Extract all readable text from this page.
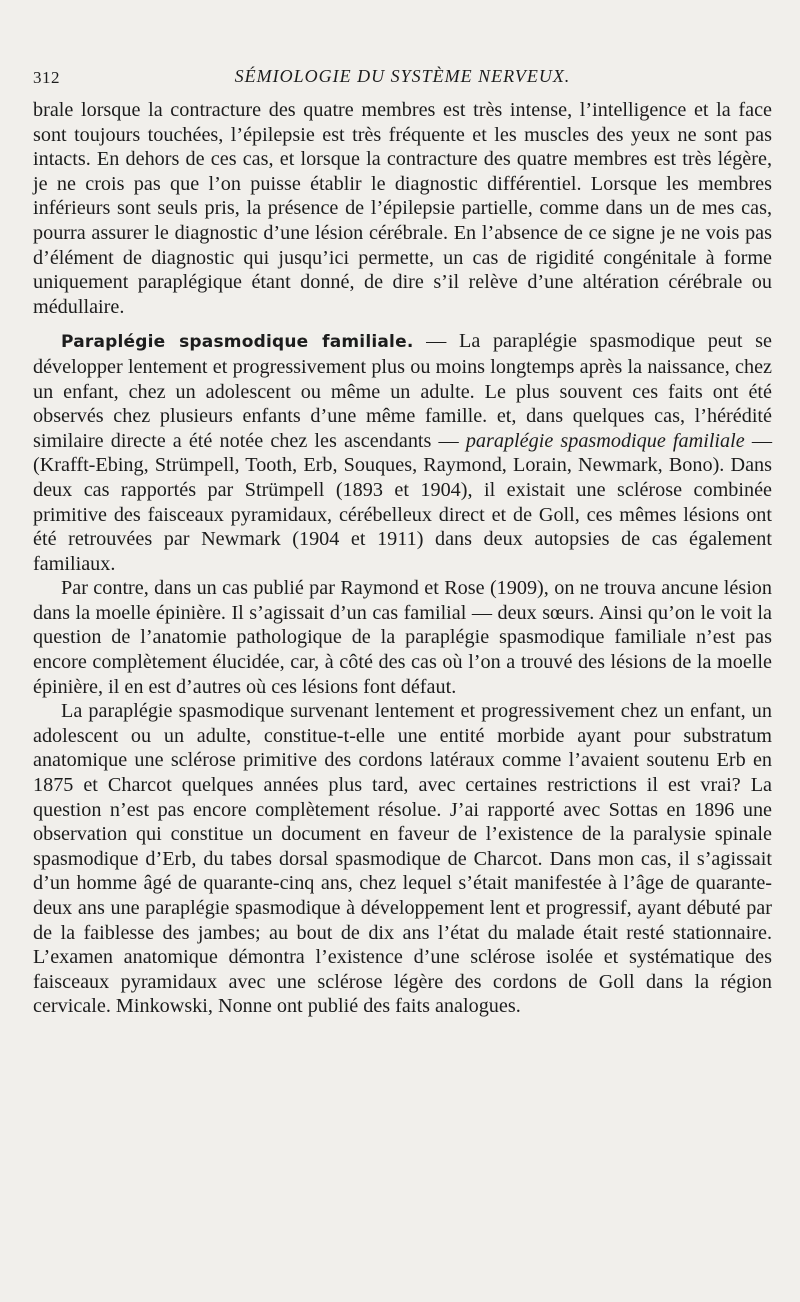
312	SÉMIOLOGIE DU SYSTÈME NERVEUX.

brale lorsque la contracture des quatre membres est très intense, l’intelligence et la face sont toujours touchées, l’épilepsie est très fréquente et les muscles des yeux ne sont pas intacts. En dehors de ces cas, et lorsque la contracture des quatre membres est très légère, je ne crois pas que l’on puisse établir le diagnostic différentiel. Lorsque les membres inférieurs sont seuls pris, la présence de l’épilepsie partielle, comme dans un de mes cas, pourra assurer le diagnostic d’une lésion cérébrale. En l’absence de ce signe je ne vois pas d’élément de diagnostic qui jusqu’ici permette, un cas de rigidité congénitale à forme uniquement paraplégique étant donné, de dire s’il relève d’une altération cérébrale ou médullaire.

Paraplégie spasmodique familiale. — La paraplégie spasmodique peut se développer lentement et progressivement plus ou moins longtemps après la naissance, chez un enfant, chez un adolescent ou même un adulte. Le plus souvent ces faits ont été observés chez plusieurs enfants d’une même famille. et, dans quelques cas, l’hérédité similaire directe a été notée chez les ascendants — paraplégie spasmodique familiale — (Krafft-Ebing, Strümpell, Tooth, Erb, Souques, Raymond, Lorain, Newmark, Bono). Dans deux cas rapportés par Strümpell (1893 et 1904), il existait une sclérose combinée primitive des faisceaux pyramidaux, cérébelleux direct et de Goll, ces mêmes lésions ont été retrouvées par Newmark (1904 et 1911) dans deux autopsies de cas également familiaux.

Par contre, dans un cas publié par Raymond et Rose (1909), on ne trouva ancune lésion dans la moelle épinière. Il s’agissait d’un cas familial — deux sœurs. Ainsi qu’on le voit la question de l’anatomie pathologique de la paraplégie spasmodique familiale n’est pas encore complètement élucidée, car, à côté des cas où l’on a trouvé des lésions de la moelle épinière, il en est d’autres où ces lésions font défaut.

La paraplégie spasmodique survenant lentement et progressivement chez un enfant, un adolescent ou un adulte, constitue-t-elle une entité morbide ayant pour substratum anatomique une sclérose primitive des cordons latéraux comme l’avaient soutenu Erb en 1875 et Charcot quelques années plus tard, avec certaines restrictions il est vrai? La question n’est pas encore complètement résolue. J’ai rapporté avec Sottas en 1896 une observation qui constitue un document en faveur de l’existence de la paralysie spinale spasmodique d’Erb, du tabes dorsal spasmodique de Charcot. Dans mon cas, il s’agissait d’un homme âgé de quarante-cinq ans, chez lequel s’était manifestée à l’âge de quarante-deux ans une paraplégie spasmodique à développement lent et progressif, ayant débuté par de la faiblesse des jambes; au bout de dix ans l’état du malade était resté stationnaire. L’examen anatomique démontra l’existence d’une sclérose isolée et systématique des faisceaux pyramidaux avec une sclérose légère des cordons de Goll dans la région cervicale. Minkowski, Nonne ont publié des faits analogues.
